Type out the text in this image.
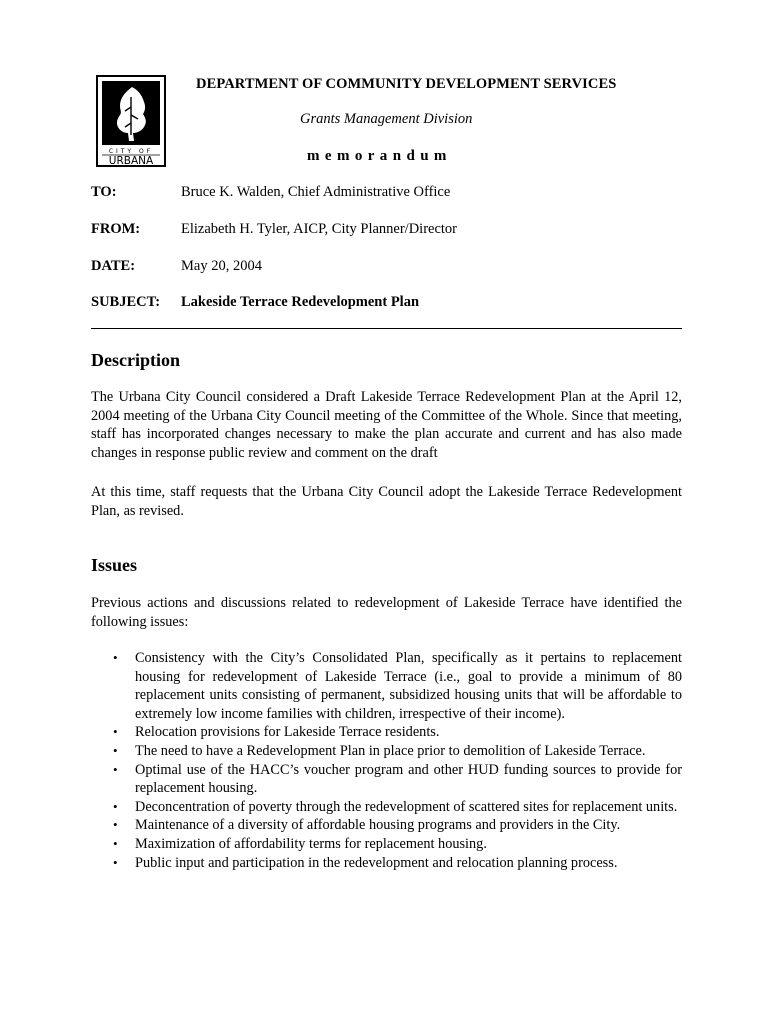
CITY OF
URBANA
DEPARTMENT OF COMMUNITY DEVELOPMENT SERVICES
Grants Management Division
memorandum
TO:	Bruce K. Walden, Chief Administrative Office
FROM:	Elizabeth H. Tyler, AICP, City Planner/Director
DATE:	May 20, 2004
SUBJECT: Lakeside Terrace Redevelopment Plan
Description

The Urbana City Council considered a Draft Lakeside Terrace Redevelopment Plan at the April 12, 2004 meeting of the Urbana City Council meeting of the Committee of the Whole. Since that meeting, staff has incorporated changes necessary to make the plan accurate and current and has also made changes in response public review and comment on the draft

At this time, staff requests that the Urbana City Council adopt the Lakeside Terrace Redevelopment Plan, as revised.

Issues

Previous actions and discussions related to redevelopment of Lakeside Terrace have identified the following issues:

• Consistency with the City’s Consolidated Plan, specifically as it pertains to replacement housing for redevelopment of Lakeside Terrace (i.e., goal to provide a minimum of 80 replacement units consisting of permanent, subsidized housing units that will be affordable to extremely low income families with children, irrespective of their income).
• Relocation provisions for Lakeside Terrace residents.
• The need to have a Redevelopment Plan in place prior to demolition of Lakeside Terrace.
• Optimal use of the HACC’s voucher program and other HUD funding sources to provide for replacement housing.
• Deconcentration of poverty through the redevelopment of scattered sites for replacement units.
• Maintenance of a diversity of affordable housing programs and providers in the City.
• Maximization of affordability terms for replacement housing.
• Public input and participation in the redevelopment and relocation planning process.
